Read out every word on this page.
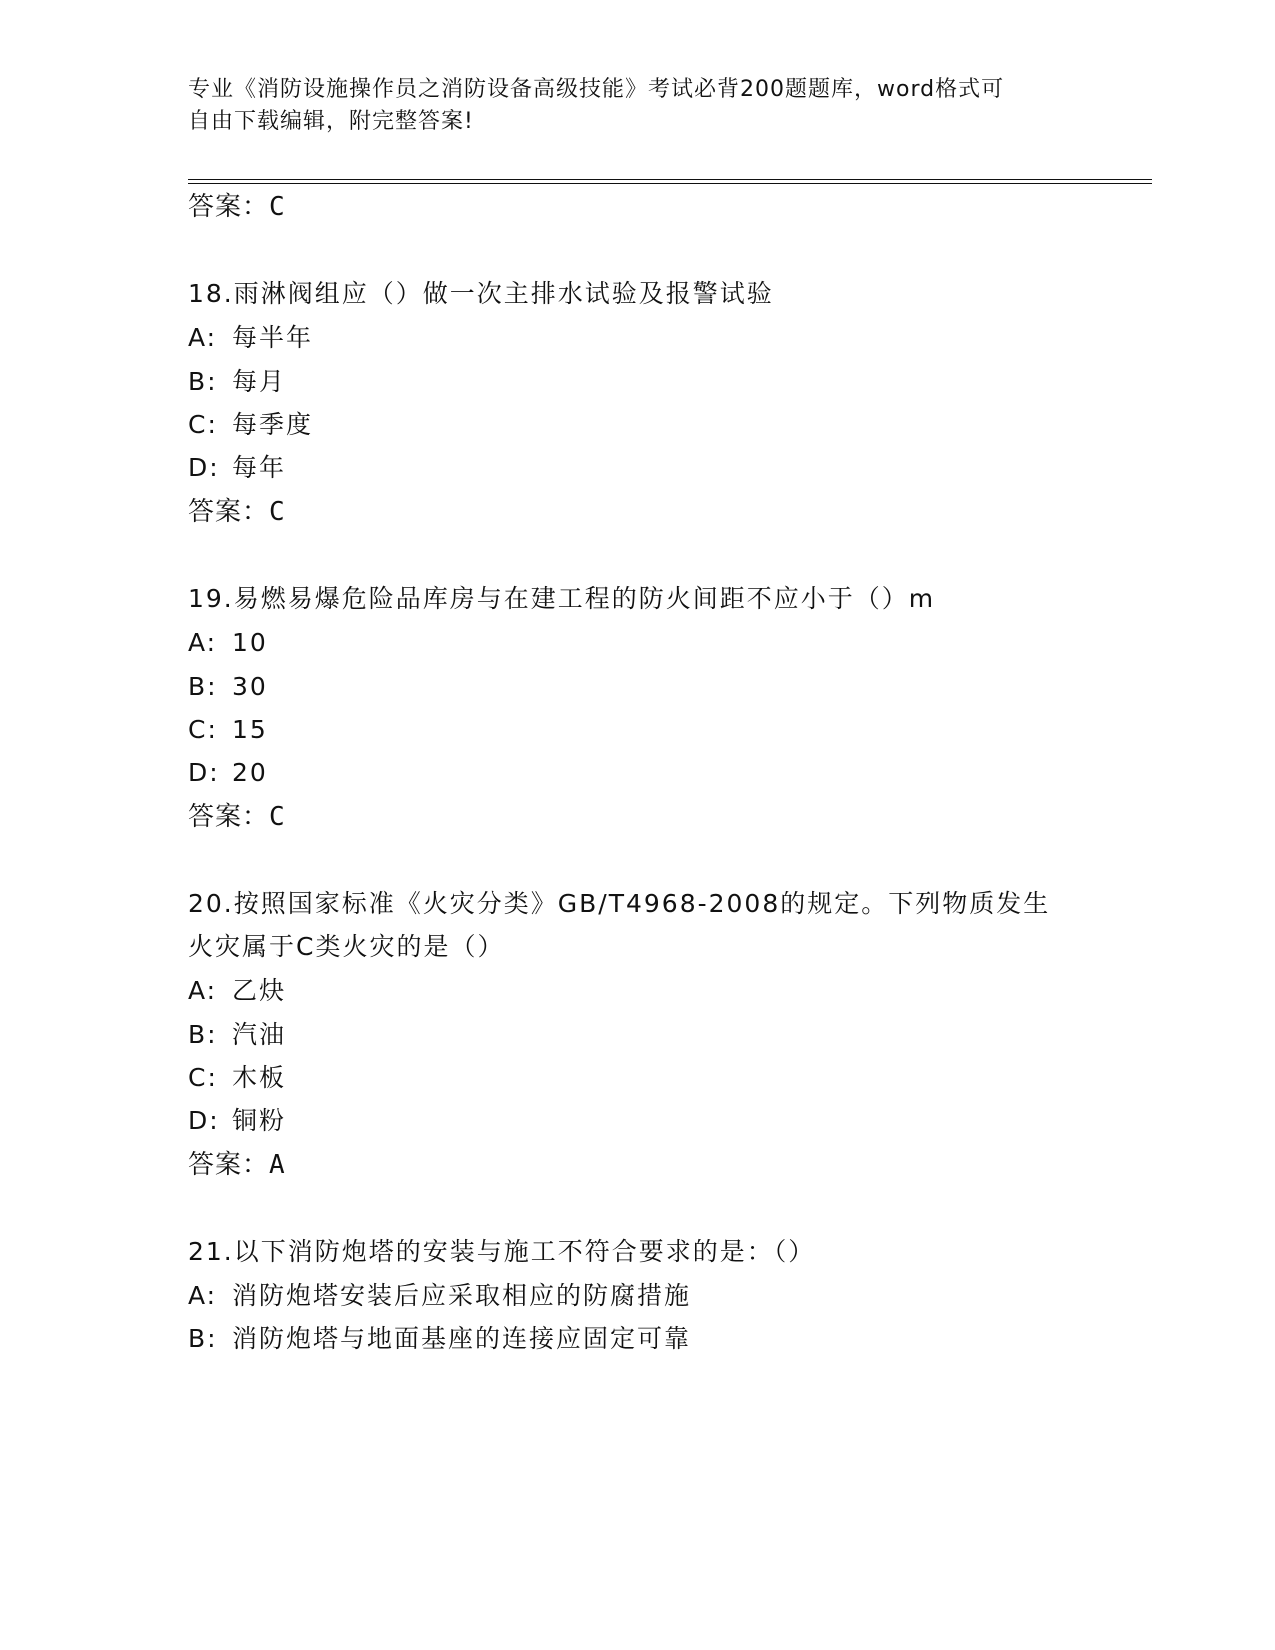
专业《消防设施操作员之消防设备高级技能》考试必背200题题库，word格式可
自由下载编辑，附完整答案!
答案：C
18.雨淋阀组应（）做一次主排水试验及报警试验
A: 每半年
B: 每月
C: 每季度
D: 每年
答案：C
19.易燃易爆危险品库房与在建工程的防火间距不应小于（）m
A: 10
B: 30
C: 15
D: 20
答案：C
20.按照国家标准《火灾分类》GB/T4968-2008的规定。下列物质发生
火灾属于C类火灾的是（）
A: 乙炔
B: 汽油
C: 木板
D: 铜粉
答案：A
21.以下消防炮塔的安装与施工不符合要求的是：（）
A: 消防炮塔安装后应采取相应的防腐措施
B: 消防炮塔与地面基座的连接应固定可靠
